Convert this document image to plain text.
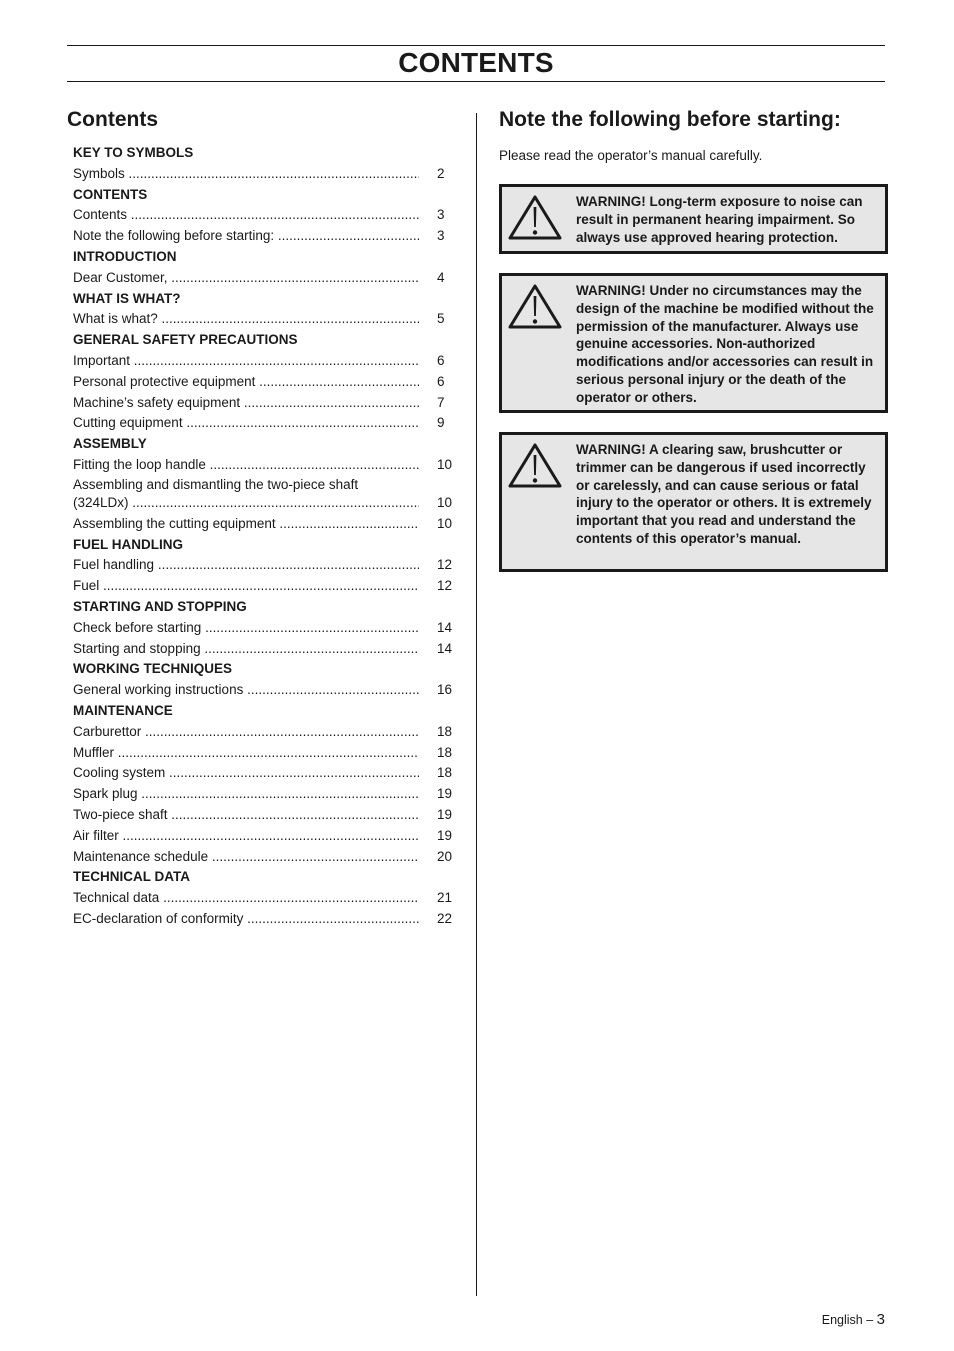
CONTENTS
Contents
KEY TO SYMBOLS
Symbols .....	2
CONTENTS
Contents .....	3
Note the following before starting: .....	3
INTRODUCTION
Dear Customer, .....	4
WHAT IS WHAT?
What is what? .....	5
GENERAL SAFETY PRECAUTIONS
Important .....	6
Personal protective equipment .....	6
Machine’s safety equipment .....	7
Cutting equipment .....	9
ASSEMBLY
Fitting the loop handle .....	10
Assembling and dismantling the two-piece shaft
(324LDx) .....	10
Assembling the cutting equipment .....	10
FUEL HANDLING
Fuel handling .....	12
Fuel .....	12
STARTING AND STOPPING
Check before starting .....	14
Starting and stopping .....	14
WORKING TECHNIQUES
General working instructions .....	16
MAINTENANCE
Carburettor .....	18
Muffler .....	18
Cooling system .....	18
Spark plug .....	19
Two-piece shaft .....	19
Air filter .....	19
Maintenance schedule .....	20
TECHNICAL DATA
Technical data .....	21
EC-declaration of conformity .....	22
Note the following before starting:
Please read the operator’s manual carefully.
WARNING! Long-term exposure to noise can result in permanent hearing impairment. So always use approved hearing protection.
WARNING! Under no circumstances may the design of the machine be modified without the permission of the manufacturer. Always use genuine accessories. Non-authorized modifications and/or accessories can result in serious personal injury or the death of the operator or others.
WARNING! A clearing saw, brushcutter or trimmer can be dangerous if used incorrectly or carelessly, and can cause serious or fatal injury to the operator or others. It is extremely important that you read and understand the contents of this operator’s manual.
English – 3
